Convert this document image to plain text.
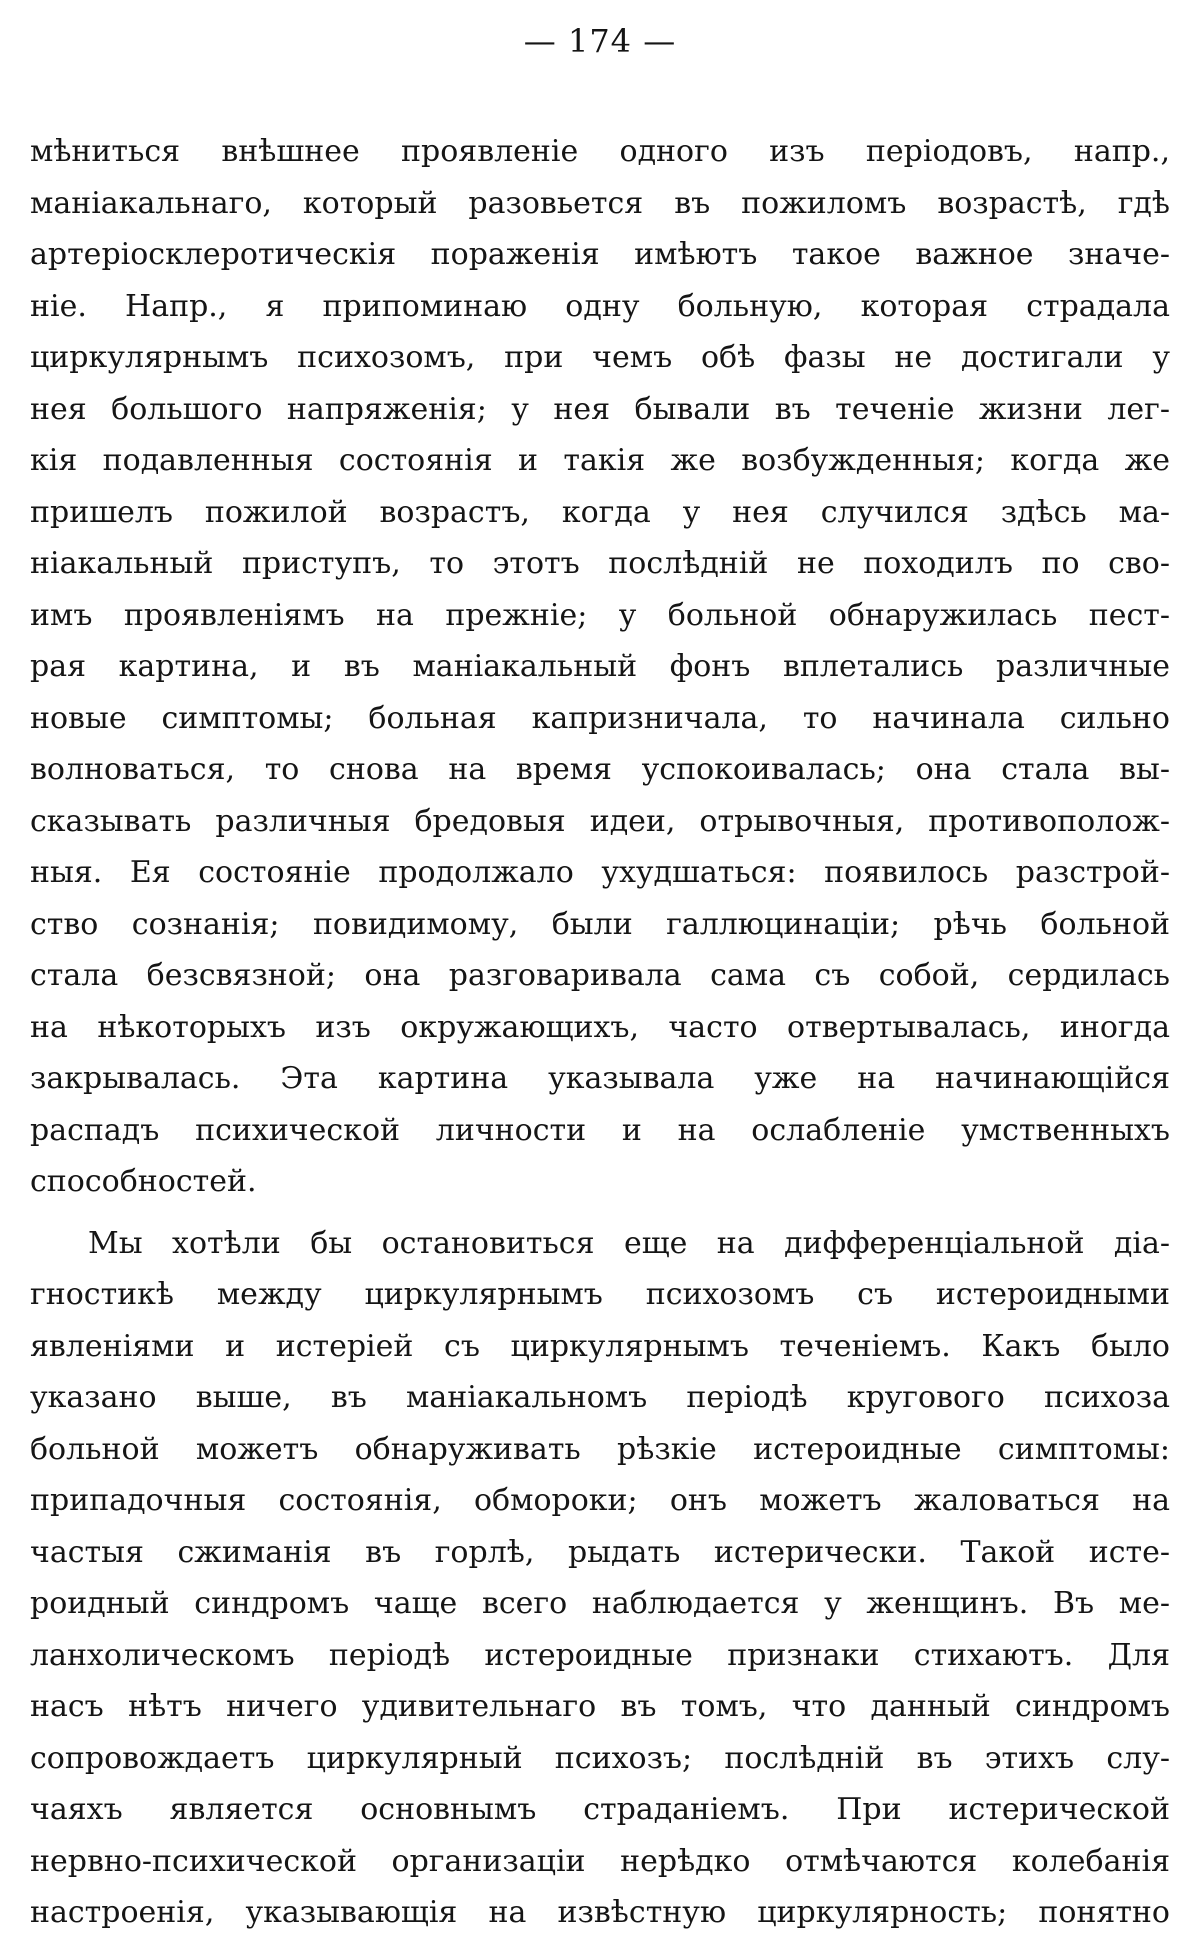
— 174 —
мѣниться внѣшнее проявленіе одного изъ періодовъ, напр.,
маніакальнаго, который разовьется въ пожиломъ возрастѣ, гдѣ
артеріосклеротическія пораженія имѣютъ такое важное значе-
ніе. Напр., я припоминаю одну больную, которая страдала
циркулярнымъ психозомъ, при чемъ обѣ фазы не достигали у
нея большого напряженія; у нея бывали въ теченіе жизни лег-
кія подавленныя состоянія и такія же возбужденныя; когда же
пришелъ пожилой возрастъ, когда у нея случился здѣсь ма-
ніакальный приступъ, то этотъ послѣдній не походилъ по сво-
имъ проявленіямъ на прежніе; у больной обнаружилась пест-
рая картина, и въ маніакальный фонъ вплетались различные
новые симптомы; больная капризничала, то начинала сильно
волноваться, то снова на время успокоивалась; она стала вы-
сказывать различныя бредовыя идеи, отрывочныя, противополож-
ныя. Ея состояніе продолжало ухудшаться: появилось разстрой-
ство сознанія; повидимому, были галлюцинаціи; рѣчь больной
стала безсвязной; она разговаривала сама съ собой, сердилась
на нѣкоторыхъ изъ окружающихъ, часто отвертывалась, иногда
закрывалась. Эта картина указывала уже на начинающійся
распадъ психической личности и на ослабленіе умственныхъ
способностей.
Мы хотѣли бы остановиться еще на дифференціальной діа-
гностикѣ между циркулярнымъ психозомъ съ истероидными
явленіями и истеріей съ циркулярнымъ теченіемъ. Какъ было
указано выше, въ маніакальномъ періодѣ кругового психоза
больной можетъ обнаруживать рѣзкіе истероидные симптомы:
припадочныя состоянія, обмороки; онъ можетъ жаловаться на
частыя сжиманія въ горлѣ, рыдать истерически. Такой исте-
роидный синдромъ чаще всего наблюдается у женщинъ. Въ ме-
ланхолическомъ періодѣ истероидные признаки стихаютъ. Для
насъ нѣтъ ничего удивительнаго въ томъ, что данный синдромъ
сопровождаетъ циркулярный психозъ; послѣдній въ этихъ слу-
чаяхъ является основнымъ страданіемъ. При истерической
нервно-психической организаціи нерѣдко отмѣчаются колебанія
настроенія, указывающія на извѣстную циркулярность; понятно
